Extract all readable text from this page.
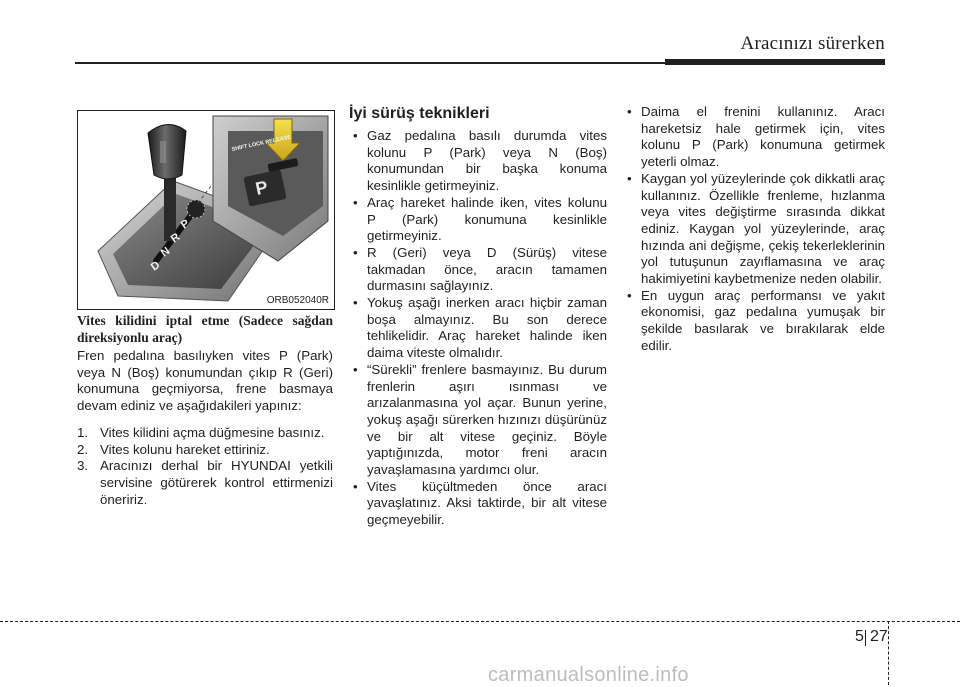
Aracınızı sürerken
P
R
N
D
P
SHIFT LOCK RELEASE
ORB052040R

Vites kilidini iptal etme (Sadece sağdan direksiyonlu araç)

Fren pedalına basılıyken vites P (Park) veya N (Boş) konumundan çıkıp R (Geri) konumuna geçmiyorsa, frene basmaya devam ediniz ve aşağıdakileri yapınız:

1. Vites kilidini açma düğmesine basınız.
2. Vites kolunu hareket ettiriniz.
3. Aracınızı derhal bir HYUNDAI yetkili servisine götürerek kontrol ettirmenizi öneririz.
İyi sürüş teknikleri
• Gaz pedalına basılı durumda vites kolunu P (Park) veya N (Boş) konumundan bir başka konuma kesinlikle getirmeyiniz.
• Araç hareket halinde iken, vites kolunu P (Park) konumuna kesinlikle getirmeyiniz.
• R (Geri) veya D (Sürüş) vitese takmadan önce, aracın tamamen durmasını sağlayınız.
• Yokuş aşağı inerken aracı hiçbir zaman boşa almayınız. Bu son derece tehlikelidir. Araç hareket halinde iken daima viteste olmalıdır.
• “Sürekli” frenlere basmayınız. Bu durum frenlerin aşırı ısınması ve arızalanmasına yol açar. Bunun yerine, yokuş aşağı sürerken hızınızı düşürünüz ve bir alt vitese geçiniz. Böyle yaptığınızda, motor freni aracın yavaşlamasına yardımcı olur.
• Vites küçültmeden önce aracı yavaşlatınız. Aksi taktirde, bir alt vitese geçmeyebilir.
• Daima el frenini kullanınız. Aracı hareketsiz hale getirmek için, vites kolunu P (Park) konumuna getirmek yeterli olmaz.
• Kaygan yol yüzeylerinde çok dikkatli araç kullanınız. Özellikle frenleme, hızlanma veya vites değiştirme sırasında dikkat ediniz. Kaygan yol yüzeylerinde, araç hızında ani değişme, çekiş tekerleklerinin yol tutuşunun zayıflamasına ve araç hakimiyetini kaybetmenize neden olabilir.
• En uygun araç performansı ve yakıt ekonomisi, gaz pedalına yumuşak bir şekilde basılarak ve bırakılarak elde edilir.
5 27
carmanualsonline.info
